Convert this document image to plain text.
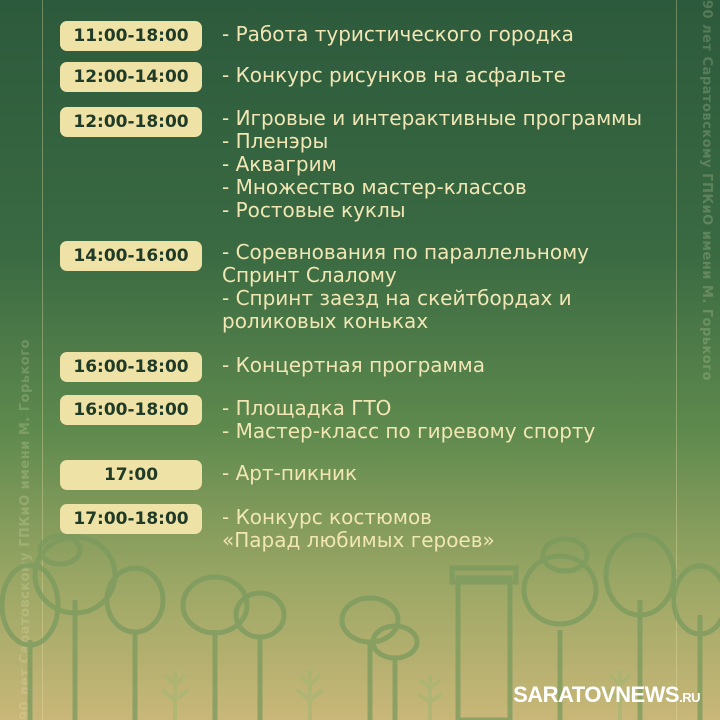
90 лет Саратовскому ГПКиО имени М. Горького
90 лет Саратовскому ГПКиО имени М. Горького
11:00-18:00	- Работа туристического городка
12:00-14:00	- Конкурс рисунков на асфальте
12:00-18:00	- Игровые и интерактивные программы
- Пленэры
- Аквагрим
- Множество мастер-классов
- Ростовые куклы
14:00-16:00	- Соревнования по параллельному
Спринт Слалому
- Спринт заезд на скейтбордах и
роликовых коньках
16:00-18:00	- Концертная программа
16:00-18:00	- Площадка ГТО
- Мастер-класс по гиревому спорту
17:00	- Арт-пикник
17:00-18:00	- Конкурс костюмов
«Парад любимых героев»
SARATOVNEWS.RU
